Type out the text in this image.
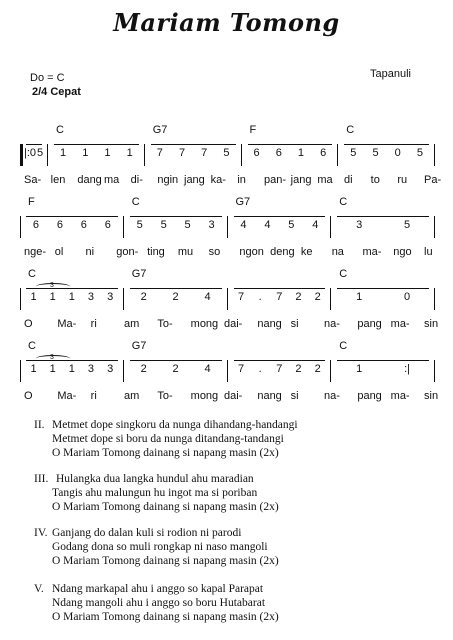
Mariam Tomong
Do = C	Tapanuli
2/4 Cepat
|:0 5 1 1 1 1 7 7 7 5 6 6 1 6 5 5 0 5
C	G7	F	C
Sa- len dang ma di- ngin jang ka- in pan- jang ma di to ru Pa-
6 6 6 6 5 5 5 3 4 4 5 4	3	5
F	C	G7	C
nge- ol ni gon- ting mu so ngon deng ke na ma- ngo lu
1 1 1 3 3 2 2 4 7 . 7 2 2	1	0
C	G7	C
3
O Ma- ri am To- mong dai- nang si na- pang ma- sin
1 1 1 3 3 2 2 4 7 . 7 2 2	1	:|
C	G7	C
3
O Ma- ri am To- mong dai- nang si na- pang ma- sin
II. Metmet dope singkoru da nunga dihandang-handangi
Metmet dope si boru da nunga ditandang-tandangi
O Mariam Tomong dainang si napang masin (2x)
III. Hulangka dua langka hundul ahu maradian
Tangis ahu malungun hu ingot ma si poriban
O Mariam Tomong dainang si napang masin (2x)
IV. Ganjang do dalan kuli si rodion ni parodi
Godang dona so muli rongkap ni naso mangoli
O Mariam Tomong dainang si napang masin (2x)
V. Ndang markapal ahu i anggo so kapal Parapat
Ndang mangoli ahu i anggo so boru Hutabarat
O Mariam Tomong dainang si napang masin (2x)
